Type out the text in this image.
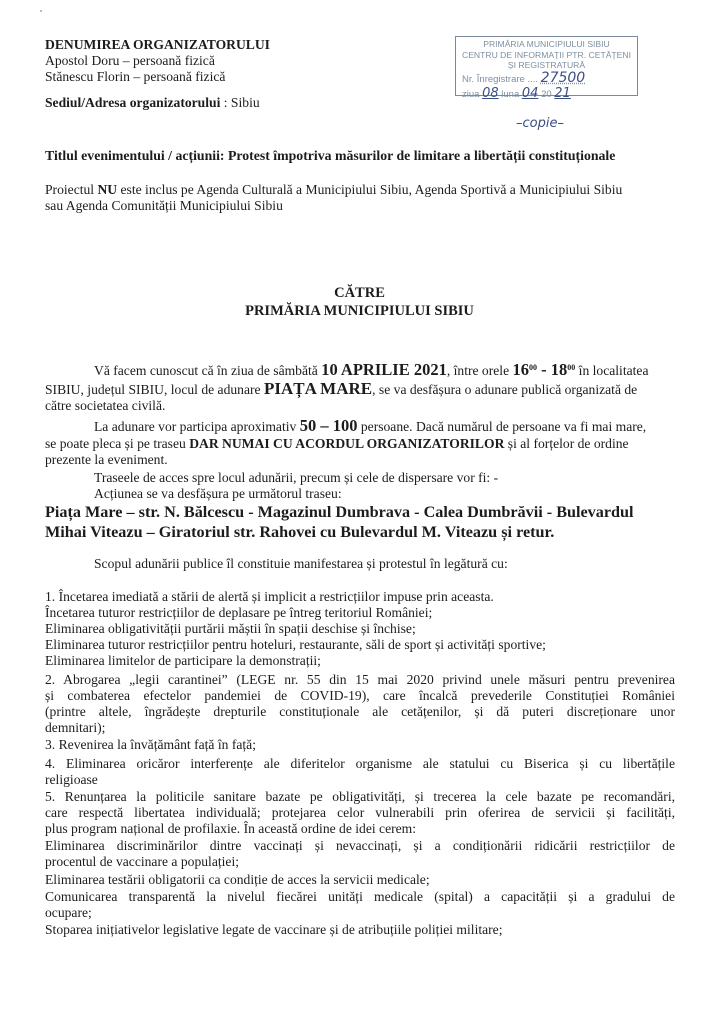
DENUMIREA ORGANIZATORULUI
Apostol Doru – persoană fizică
Stănescu Florin – persoană fizică
Sediul/Adresa organizatorului : Sibiu
PRIMĂRIA MUNICIPIULUI SIBIU
CENTRU DE INFORMAȚII PTR. CETĂȚENI
ȘI REGISTRATURĂ
Nr. Înregistrare .... 27500
ziua 08 luna 04 20 21
–copie–
Titlul evenimentului / acțiunii: Protest împotriva măsurilor de limitare a libertății constituționale
Proiectul NU este inclus pe Agenda Culturală a Municipiului Sibiu, Agenda Sportivă a Municipiului Sibiu
sau Agenda Comunității Municipiului Sibiu
CĂTRE
PRIMĂRIA MUNICIPIULUI SIBIU
Vă facem cunoscut că în ziua de sâmbătă 10 APRILIE 2021, între orele $16^{00} - 18^{00}$ în localitatea
SIBIU, județul SIBIU, locul de adunare PIAȚA MARE, se va desfășura o adunare publică organizată de
către societatea civilă.
La adunare vor participa aproximativ 50 – 100 persoane. Dacă numărul de persoane va fi mai mare,
se poate pleca și pe traseu DAR NUMAI CU ACORDUL ORGANIZATORILOR și al forțelor de ordine
prezente la eveniment.
Traseele de acces spre locul adunării, precum și cele de dispersare vor fi: -
Acțiunea se va desfășura pe următorul traseu:
Piața Mare – str. N. Bălcescu - Magazinul Dumbrava - Calea Dumbrăvii - Bulevardul
Mihai Viteazu – Giratoriul str. Rahovei cu Bulevardul M. Viteazu și retur.
Scopul adunării publice îl constituie manifestarea și protestul în legătură cu:
1. Încetarea imediată a stării de alertă și implicit a restricțiilor impuse prin aceasta.
Încetarea tuturor restricțiilor de deplasare pe întreg teritoriul României;
Eliminarea obligativității purtării măștii în spații deschise și închise;
Eliminarea tuturor restricțiilor pentru hoteluri, restaurante, săli de sport și activități sportive;
Eliminarea limitelor de participare la demonstrații;
2. Abrogarea „legii carantinei” (LEGE nr. 55 din 15 mai 2020 privind unele măsuri pentru prevenirea
și combaterea efectelor pandemiei de COVID-19), care încalcă prevederile Constituției României
(printre altele, îngrădește drepturile constituționale ale cetățenilor, și dă puteri discreționare unor
demnitari);
3. Revenirea la învățământ față în față;
4. Eliminarea oricăror interferențe ale diferitelor organisme ale statului cu Biserica și cu libertățile
religioase
5. Renunțarea la politicile sanitare bazate pe obligativități, și trecerea la cele bazate pe recomandări,
care respectă libertatea individuală; protejarea celor vulnerabili prin oferirea de servicii și facilități,
plus program național de profilaxie. În această ordine de idei cerem:
Eliminarea discriminărilor dintre vaccinați și nevaccinați, și a condiționării ridicării restricțiilor de
procentul de vaccinare a populației;
Eliminarea testării obligatorii ca condiție de acces la servicii medicale;
Comunicarea transparentă la nivelul fiecărei unități medicale (spital) a capacității și a gradului de
ocupare;
Stoparea inițiativelor legislative legate de vaccinare și de atribuțiile poliției militare;
